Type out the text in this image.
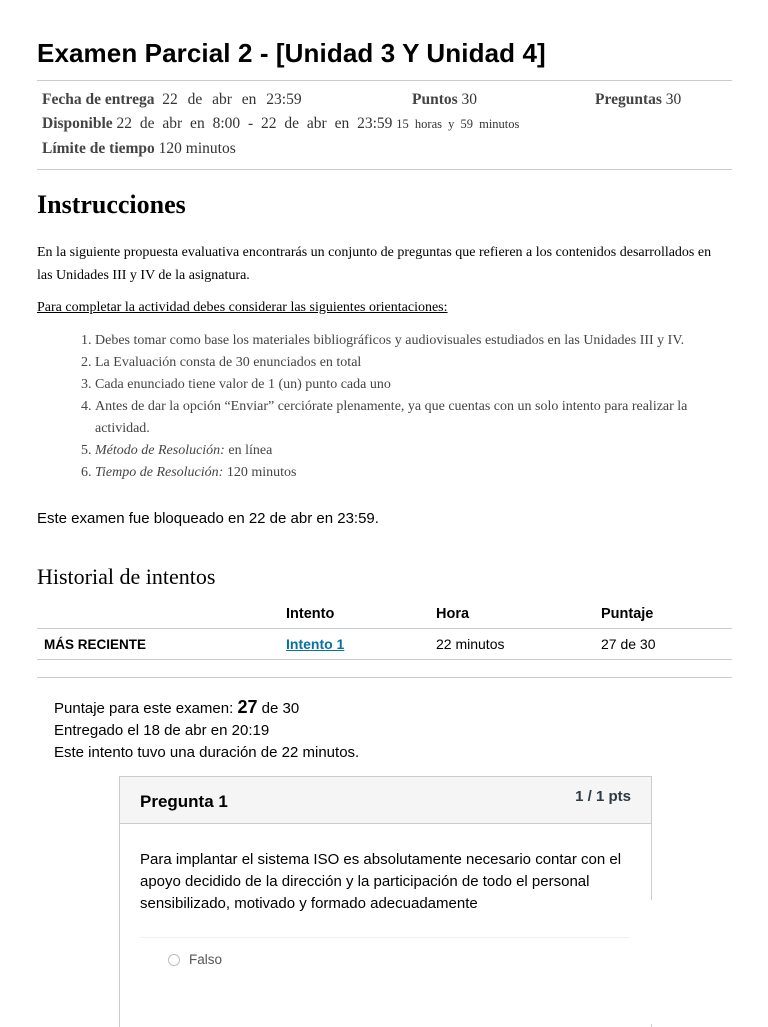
Examen Parcial 2 - [Unidad 3 Y Unidad 4]
Fecha de entrega 22 de abr en 23:59	Puntos 30	Preguntas 30
Disponible 22 de abr en 8:00 - 22 de abr en 23:59 15 horas y 59 minutos
Límite de tiempo 120 minutos
Instrucciones
En la siguiente propuesta evaluativa encontrarás un conjunto de preguntas que refieren a los contenidos desarrollados en las Unidades III y IV de la asignatura.
Para completar la actividad debes considerar las siguientes orientaciones:
1. Debes tomar como base los materiales bibliográficos y audiovisuales estudiados en las Unidades III y IV.
2. La Evaluación consta de 30 enunciados en total
3. Cada enunciado tiene valor de 1 (un) punto cada uno
4. Antes de dar la opción “Enviar” cerciórate plenamente, ya que cuentas con un solo intento para realizar la actividad.
5. Método de Resolución: en línea
6. Tiempo de Resolución: 120 minutos
Este examen fue bloqueado en 22 de abr en 23:59.
Historial de intentos
	Intento	Hora	Puntaje
MÁS RECIENTE	Intento 1	22 minutos	27 de 30
Puntaje para este examen: 27 de 30
Entregado el 18 de abr en 20:19
Este intento tuvo una duración de 22 minutos.
Pregunta 1	1 / 1 pts
Para implantar el sistema ISO es absolutamente necesario contar con el apoyo decidido de la dirección y la participación de todo el personal sensibilizado, motivado y formado adecuadamente
Falso
